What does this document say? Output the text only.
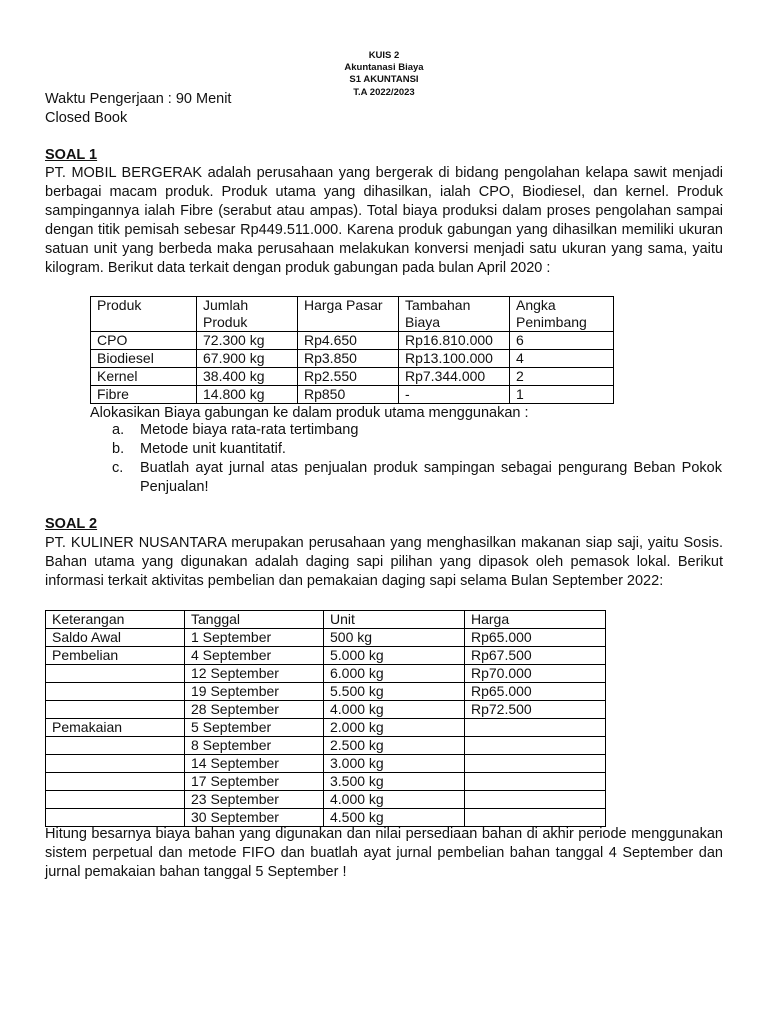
KUIS 2
Akuntanasi Biaya
S1 AKUNTANSI
T.A 2022/2023
Waktu Pengerjaan : 90 Menit
Closed Book
SOAL 1
PT. MOBIL BERGERAK adalah perusahaan yang bergerak di bidang pengolahan kelapa sawit menjadi berbagai macam produk. Produk utama yang dihasilkan, ialah CPO, Biodiesel, dan kernel. Produk sampingannya ialah Fibre (serabut atau ampas). Total biaya produksi dalam proses pengolahan sampai dengan titik pemisah sebesar Rp449.511.000. Karena produk gabungan yang dihasilkan memiliki ukuran satuan unit yang berbeda maka perusahaan melakukan konversi menjadi satu ukuran yang sama, yaitu kilogram. Berikut data terkait dengan produk gabungan pada bulan April 2020 :
Produk	Jumlah Produk	Harga Pasar	Tambahan Biaya	Angka Penimbang
CPO	72.300 kg	Rp4.650	Rp16.810.000	6
Biodiesel	67.900 kg	Rp3.850	Rp13.100.000	4
Kernel	38.400 kg	Rp2.550	Rp7.344.000	2
Fibre	14.800 kg	Rp850	-	1
Alokasikan Biaya gabungan ke dalam produk utama menggunakan :
a. Metode biaya rata-rata tertimbang
b. Metode unit kuantitatif.
c. Buatlah ayat jurnal atas penjualan produk sampingan sebagai pengurang Beban Pokok Penjualan!
SOAL 2
PT. KULINER NUSANTARA merupakan perusahaan yang menghasilkan makanan siap saji, yaitu Sosis. Bahan utama yang digunakan adalah daging sapi pilihan yang dipasok oleh pemasok lokal. Berikut informasi terkait aktivitas pembelian dan pemakaian daging sapi selama Bulan September 2022:
Keterangan	Tanggal	Unit	Harga
Saldo Awal	1 September	500 kg	Rp65.000
Pembelian	4 September	5.000 kg	Rp67.500
	12 September	6.000 kg	Rp70.000
	19 September	5.500 kg	Rp65.000
	28 September	4.000 kg	Rp72.500
Pemakaian	5 September	2.000 kg	
	8 September	2.500 kg	
	14 September	3.000 kg	
	17 September	3.500 kg	
	23 September	4.000 kg	
	30 September	4.500 kg	
Hitung besarnya biaya bahan yang digunakan dan nilai persediaan bahan di akhir periode menggunakan sistem perpetual dan metode FIFO dan buatlah ayat jurnal pembelian bahan tanggal 4 September dan jurnal pemakaian bahan tanggal 5 September !
